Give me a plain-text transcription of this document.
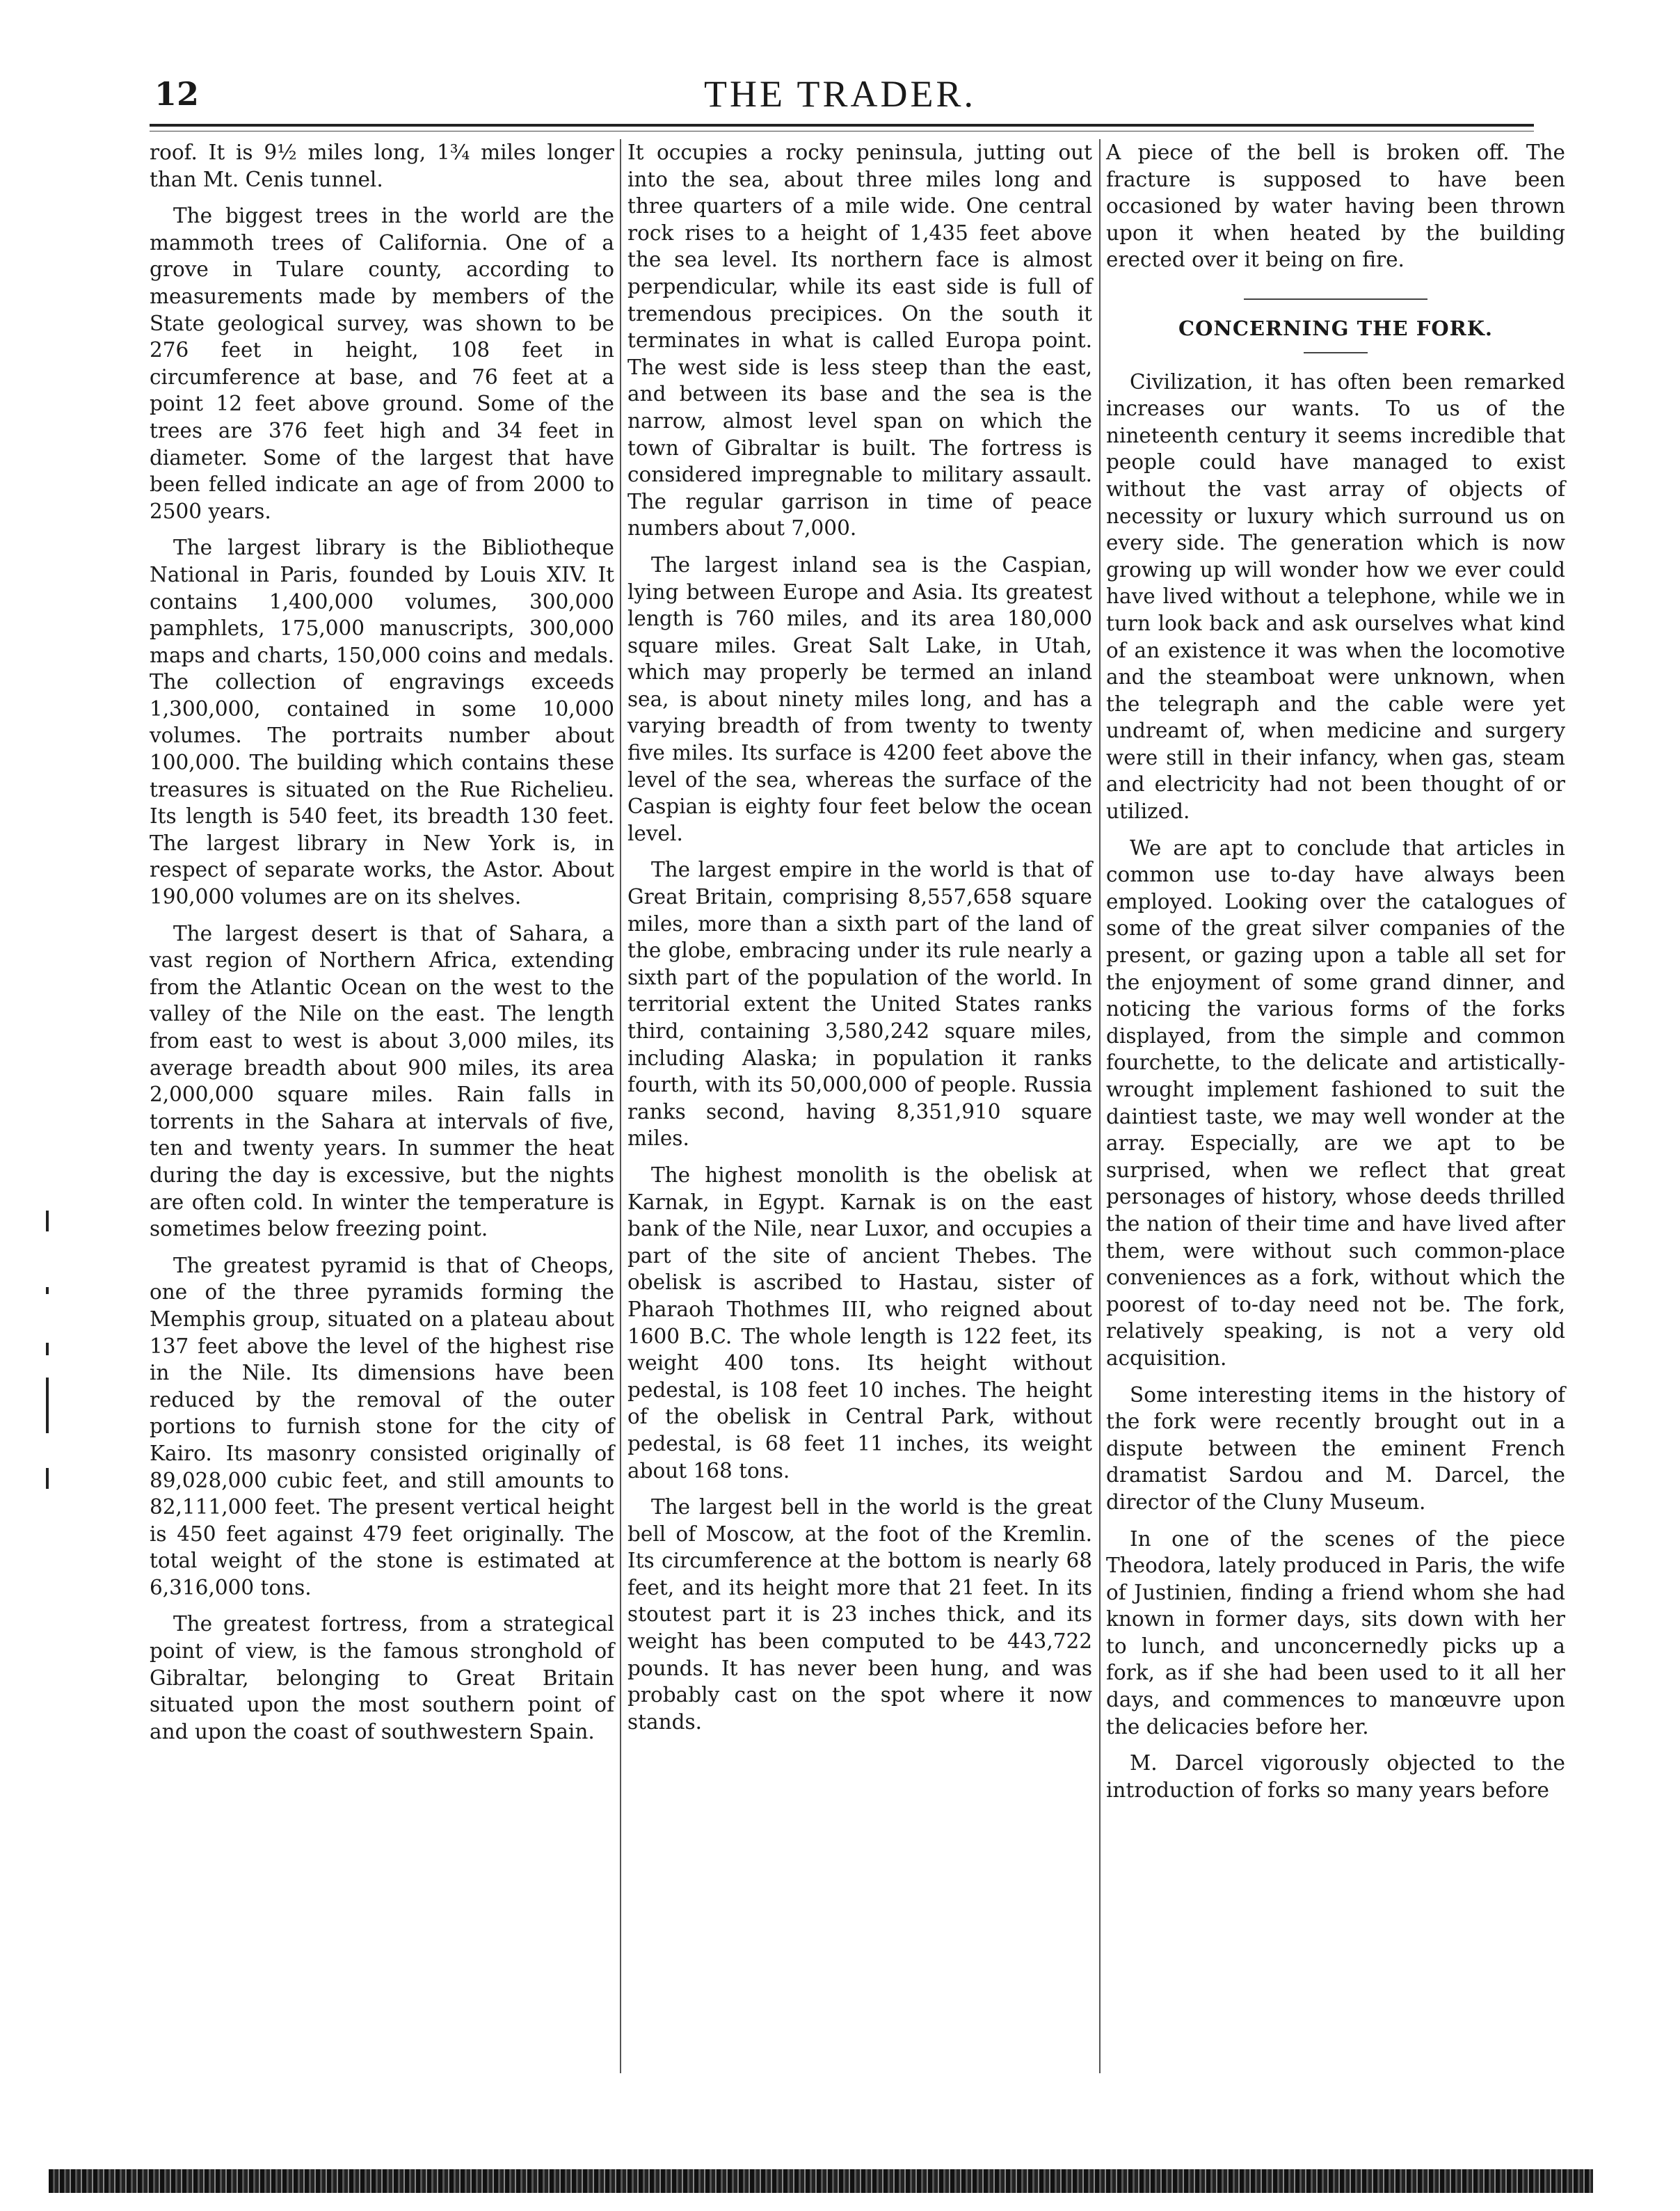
12	THE TRADER.

roof. It is 9½ miles long, 1¾ miles longer than Mt. Cenis tunnel.

The biggest trees in the world are the mammoth trees of California. One of a grove in Tulare county, according to measurements made by members of the State geological survey, was shown to be 276 feet in height, 108 feet in circumference at base, and 76 feet at a point 12 feet above ground. Some of the trees are 376 feet high and 34 feet in diameter. Some of the largest that have been felled indicate an age of from 2000 to 2500 years.

The largest library is the Bibliotheque National in Paris, founded by Louis XIV. It contains 1,400,000 volumes, 300,000 pamphlets, 175,000 manuscripts, 300,000 maps and charts, 150,000 coins and medals. The collection of engravings exceeds 1,300,000, contained in some 10,000 volumes. The portraits number about 100,000. The building which contains these treasures is situated on the Rue Richelieu. Its length is 540 feet, its breadth 130 feet. The largest library in New York is, in respect of separate works, the Astor. About 190,000 volumes are on its shelves.

The largest desert is that of Sahara, a vast region of Northern Africa, extending from the Atlantic Ocean on the west to the valley of the Nile on the east. The length from east to west is about 3,000 miles, its average breadth about 900 miles, its area 2,000,000 square miles. Rain falls in torrents in the Sahara at intervals of five, ten and twenty years. In summer the heat during the day is excessive, but the nights are often cold. In winter the temperature is sometimes below freezing point.

The greatest pyramid is that of Cheops, one of the three pyramids forming the Memphis group, situated on a plateau about 137 feet above the level of the highest rise in the Nile. Its dimensions have been reduced by the removal of the outer portions to furnish stone for the city of Kairo. Its masonry consisted originally of 89,028,000 cubic feet, and still amounts to 82,111,000 feet. The present vertical height is 450 feet against 479 feet originally. The total weight of the stone is estimated at 6,316,000 tons.

The greatest fortress, from a strategical point of view, is the famous stronghold of Gibraltar, belonging to Great Britain situated upon the most southern point of and upon the coast of southwestern Spain.

It occupies a rocky peninsula, jutting out into the sea, about three miles long and three quarters of a mile wide. One central rock rises to a height of 1,435 feet above the sea level. Its northern face is almost perpendicular, while its east side is full of tremendous precipices. On the south it terminates in what is called Europa point. The west side is less steep than the east, and between its base and the sea is the narrow, almost level span on which the town of Gibraltar is built. The fortress is considered impregnable to military assault. The regular garrison in time of peace numbers about 7,000.

The largest inland sea is the Caspian, lying between Europe and Asia. Its greatest length is 760 miles, and its area 180,000 square miles. Great Salt Lake, in Utah, which may properly be termed an inland sea, is about ninety miles long, and has a varying breadth of from twenty to twenty five miles. Its surface is 4200 feet above the level of the sea, whereas the surface of the Caspian is eighty four feet below the ocean level.

The largest empire in the world is that of Great Britain, comprising 8,557,658 square miles, more than a sixth part of the land of the globe, embracing under its rule nearly a sixth part of the population of the world. In territorial extent the United States ranks third, containing 3,580,242 square miles, including Alaska; in population it ranks fourth, with its 50,000,000 of people. Russia ranks second, having 8,351,910 square miles.

The highest monolith is the obelisk at Karnak, in Egypt. Karnak is on the east bank of the Nile, near Luxor, and occupies a part of the site of ancient Thebes. The obelisk is ascribed to Hastau, sister of Pharaoh Thothmes III, who reigned about 1600 B.C. The whole length is 122 feet, its weight 400 tons. Its height without pedestal, is 108 feet 10 inches. The height of the obelisk in Central Park, without pedestal, is 68 feet 11 inches, its weight about 168 tons.

The largest bell in the world is the great bell of Moscow, at the foot of the Kremlin. Its circumference at the bottom is nearly 68 feet, and its height more that 21 feet. In its stoutest part it is 23 inches thick, and its weight has been computed to be 443,722 pounds. It has never been hung, and was probably cast on the spot where it now stands.

A piece of the bell is broken off. The fracture is supposed to have been occasioned by water having been thrown upon it when heated by the building erected over it being on fire.

CONCERNING THE FORK.

Civilization, it has often been remarked increases our wants. To us of the nineteenth century it seems incredible that people could have managed to exist without the vast array of objects of necessity or luxury which surround us on every side. The generation which is now growing up will wonder how we ever could have lived without a telephone, while we in turn look back and ask ourselves what kind of an existence it was when the locomotive and the steamboat were unknown, when the telegraph and the cable were yet undreamt of, when medicine and surgery were still in their infancy, when gas, steam and electricity had not been thought of or utilized.

We are apt to conclude that articles in common use to-day have always been employed. Looking over the catalogues of some of the great silver companies of the present, or gazing upon a table all set for the enjoyment of some grand dinner, and noticing the various forms of the forks displayed, from the simple and common fourchette, to the delicate and artistically-wrought implement fashioned to suit the daintiest taste, we may well wonder at the array. Especially, are we apt to be surprised, when we reflect that great personages of history, whose deeds thrilled the nation of their time and have lived after them, were without such common-place conveniences as a fork, without which the poorest of to-day need not be. The fork, relatively speaking, is not a very old acquisition.

Some interesting items in the history of the fork were recently brought out in a dispute between the eminent French dramatist Sardou and M. Darcel, the director of the Cluny Museum.

In one of the scenes of the piece Theodora, lately produced in Paris, the wife of Justinien, finding a friend whom she had known in former days, sits down with her to lunch, and unconcernedly picks up a fork, as if she had been used to it all her days, and commences to manœuvre upon the delicacies before her.

M. Darcel vigorously objected to the introduction of forks so many years before
